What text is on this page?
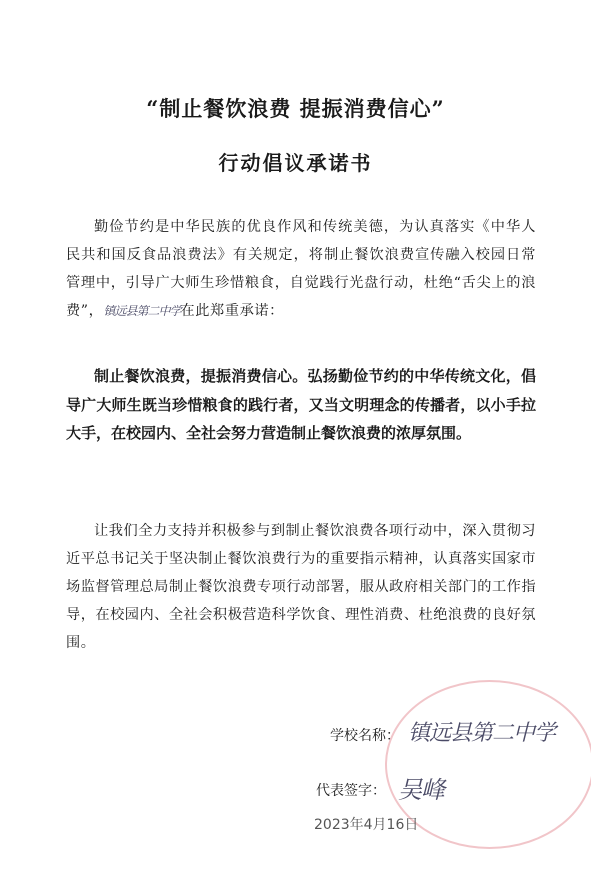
“制止餐饮浪费 提振消费信心”
行动倡议承诺书

勤俭节约是中华民族的优良作风和传统美德，为认真落实《中华人民共和国反食品浪费法》有关规定，将制止餐饮浪费宣传融入校园日常管理中，引导广大师生珍惜粮食，自觉践行光盘行动，杜绝“舌尖上的浪费”，镇远县第二中学在此郑重承诺：

制止餐饮浪费，提振消费信心。弘扬勤俭节约的中华传统文化，倡导广大师生既当珍惜粮食的践行者，又当文明理念的传播者，以小手拉大手，在校园内、全社会努力营造制止餐饮浪费的浓厚氛围。

让我们全力支持并积极参与到制止餐饮浪费各项行动中，深入贯彻习近平总书记关于坚决制止餐饮浪费行为的重要指示精神，认真落实国家市场监督管理总局制止餐饮浪费专项行动部署，服从政府相关部门的工作指导，在校园内、全社会积极营造科学饮食、理性消费、杜绝浪费的良好氛围。

学校名称： 镇远县第二中学
代表签字： 吴峰
2023年4月16日
